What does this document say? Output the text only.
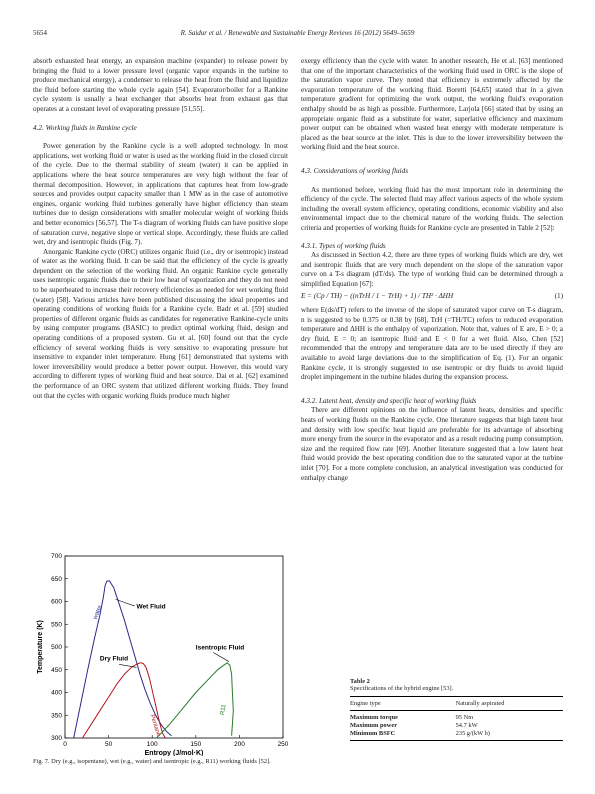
5654	R. Saidur et al. / Renewable and Sustainable Energy Reviews 16 (2012) 5649–5659

absorb exhausted heat energy, an expansion machine (expander) to release power by bringing the fluid to a lower pressure level (organic vapor expands in the turbine to produce mechanical energy), a condenser to release the heat from the fluid and liquidize the fluid before starting the whole cycle again [54]. Evaporator/boiler for a Rankine cycle system is usually a heat exchanger that absorbs heat from exhaust gas that operates at a constant level of evaporating pressure [51,55].

4.2. Working fluids in Rankine cycle

Power generation by the Rankine cycle is a well adopted technology. In most applications, wet working fluid or water is used as the working fluid in the closed circuit of the cycle. Due to the thermal stability of steam (water) it can be applied in applications where the heat source temperatures are very high without the fear of thermal decomposition. However, in applications that captures heat from low-grade sources and provides output capacity smaller than 1 MW as in the case of automotive engines, organic working fluid turbines generally have higher efficiency than steam turbines due to design considerations with smaller molecular weight of working fluids and better economics [56,57]. The T-s diagram of working fluids can have positive slope of saturation curve, negative slope or vertical slope. Accordingly, these fluids are called wet, dry and isentropic fluids (Fig. 7).

Anorganic Rankine cycle (ORC) utilizes organic fluid (i.e., dry or isentropic) instead of water as the working fluid. It can be said that the efficiency of the cycle is greatly dependent on the selection of the working fluid. An organic Rankine cycle generally uses isentropic organic fluids due to their low heat of vaporization and they do not need to be superheated to increase their recovery efficiencies as needed for wet working fluid (water) [58]. Various articles have been published discussing the ideal properties and operating conditions of working fluids for a Rankine cycle. Badr et al. [59] studied properties of different organic fluids as candidates for regenerative Rankine-cycle units by using computer programs (BASIC) to predict optimal working fluid, design and operating conditions of a proposed system. Gu et al. [60] found out that the cycle efficiency of several working fluids is very sensitive to evaporating pressure but insensitive to expander inlet temperature. Hung [61] demonstrated that systems with lower irreversibility would produce a better power output. However, this would vary according to different types of working fluid and heat source. Dai et al. [62] examined the performance of an ORC system that utilized different working fluids. They found out that the cycles with organic working fluids produce much higher

300
350
400
450
500
550
600
650
700
0	50	100	150	200	250
Entropy (J/mol·K)
Temperature (K)
water
Pentane
R11
Wet Fluid
Dry Fluid
Isentropic Fluid
Fig. 7. Dry (e.g., isopentane), wet (e.g., water) and isentropic (e.g., R11) working fluids [52].

exergy efficiency than the cycle with water. In another research, He et al. [63] mentioned that one of the important characteristics of the working fluid used in ORC is the slope of the saturation vapor curve. They noted that efficiency is extremely affected by the evaporation temperature of the working fluid. Boretti [64,65] stated that in a given temperature gradient for optimizing the work output, the working fluid's evaporation enthalpy should be as high as possible. Furthermore, Larjola [66] stated that by using an appropriate organic fluid as a substitute for water, superlative efficiency and maximum power output can be obtained when wasted heat energy with moderate temperature is placed as the heat source at the inlet. This is due to the lower irreversibility between the working fluid and the heat source.

4.3. Considerations of working fluids

As mentioned before, working fluid has the most important role in determining the efficiency of the cycle. The selected fluid may affect various aspects of the whole system including the overall system efficiency, operating conditions, economic viability and also environmental impact due to the chemical nature of the working fluids. The selection criteria and properties of working fluids for Rankine cycle are presented in Table 2 [52]:

4.3.1. Types of working fluids

As discussed in Section 4.2, there are three types of working fluids which are dry, wet and isentropic fluids that are very much dependent on the slope of the saturation vapor curve on a T-s diagram (dT/ds). The type of working fluid can be determined through a simplified Equation [67]:

E = (Cp / TH) − ((nTrH / 1 − TrH) + 1) / TH² · ΔHH	(1)

where E(ds/dT) refers to the inverse of the slope of saturated vapor curve on T-s diagram, n is suggested to be 0.375 or 0.38 by [68], TrH (=TH/TC) refers to reduced evaporation temperature and ΔHH is the enthalpy of vaporization. Note that, values of E are, E > 0; a dry fluid, E = 0; an isentropic fluid and E < 0 for a wet fluid. Also, Chen [52] recommended that the entropy and temperature data are to be used directly if they are available to avoid large deviations due to the simplification of Eq. (1). For an organic Rankine cycle, it is strongly suggested to use isentropic or dry fluids to avoid liquid droplet impingement in the turbine blades during the expansion process.

4.3.2. Latent heat, density and specific heat of working fluids

There are different opinions on the influence of latent heats, densities and specific heats of working fluids on the Rankine cycle. One literature suggests that high latent heat and density with low specific heat liquid are preferable for its advantage of absorbing more energy from the source in the evaporator and as a result reducing pump consumption, size and the required flow rate [69]. Another literature suggested that a low latent heat fluid would provide the best operating condition due to the saturated vapor at the turbine inlet [70]. For a more complete conclusion, an analytical investigation was conducted for enthalpy change

Table 2
Specifications of the hybrid engine [53].
Engine type	Naturally aspirated
Maximum torque	95 Nm
Maximum power	54.7 kW
Minimum BSFC	235 g/(kW h)
